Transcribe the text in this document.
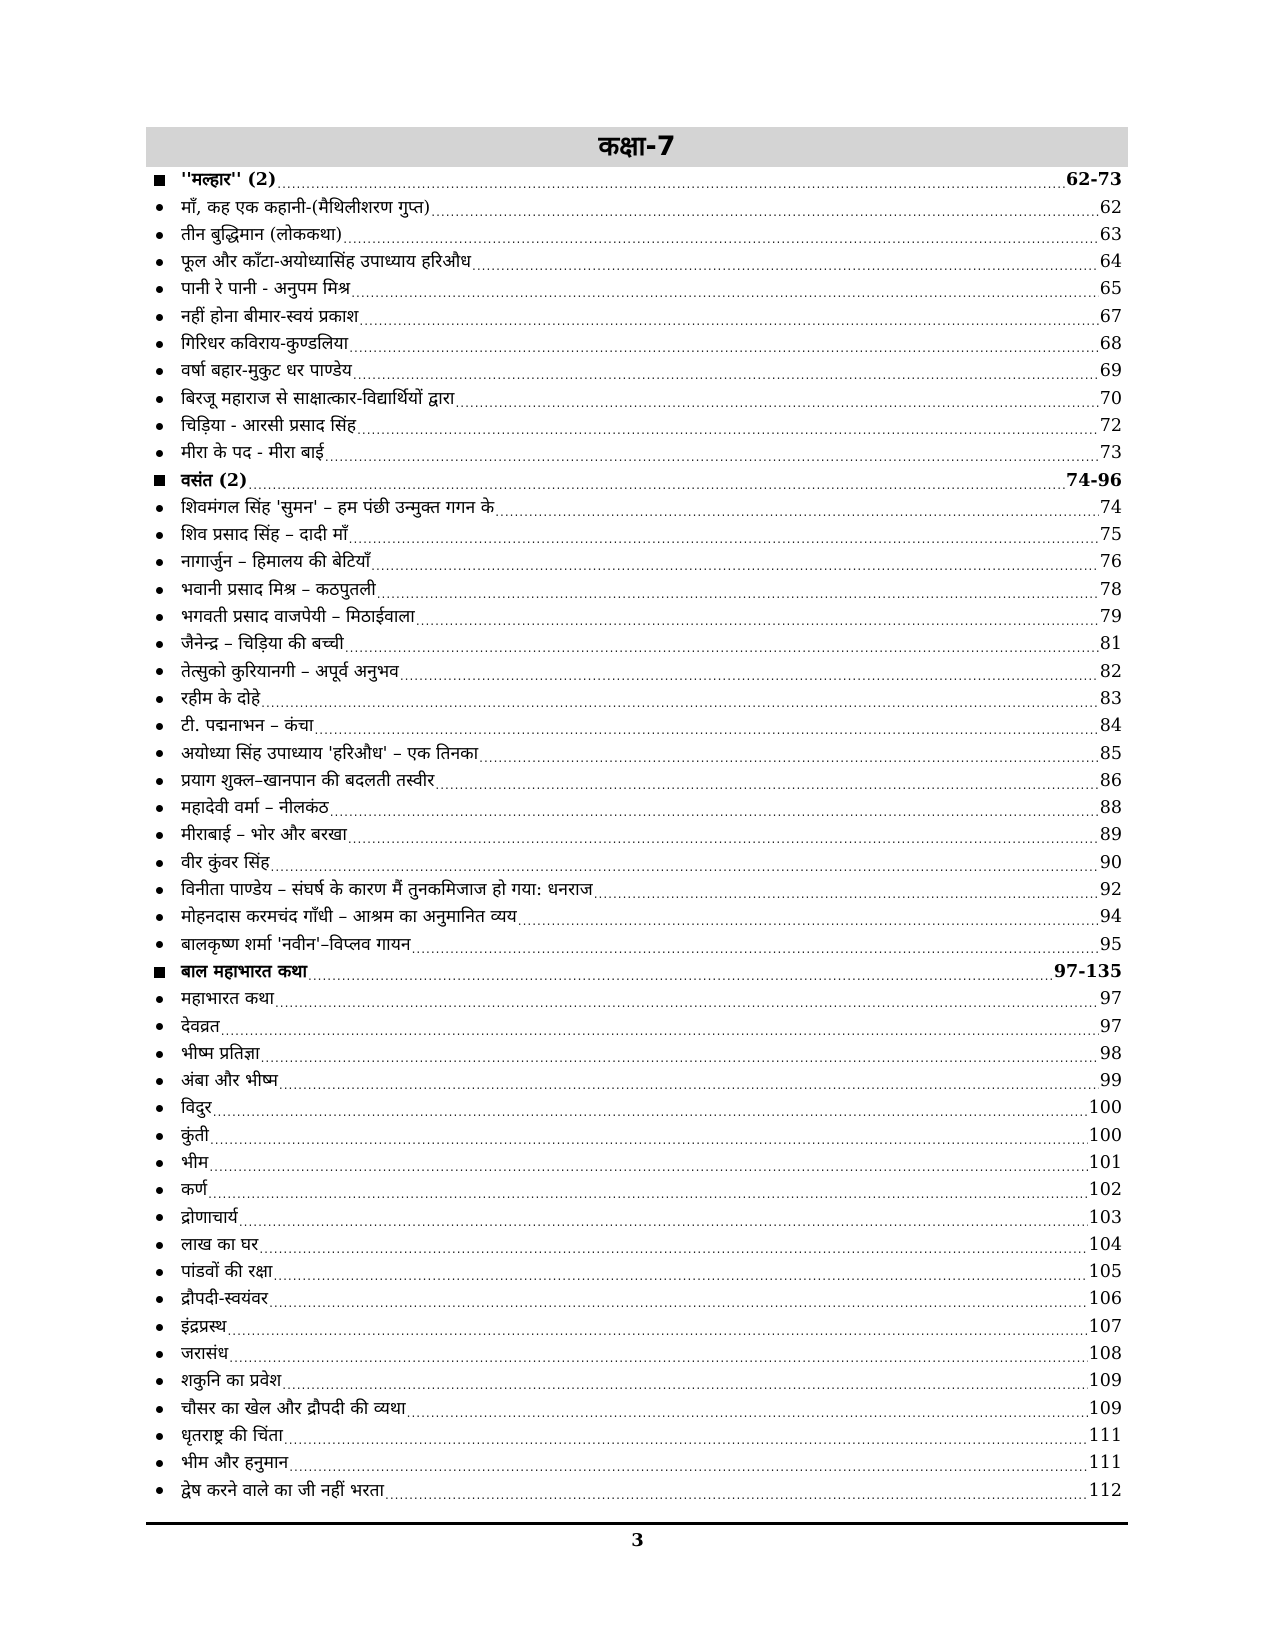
कक्षा-7
''मल्हार'' (2) .....	62-73
माँ, कह एक कहानी-(मैथिलीशरण गुप्त) .....	62
तीन बुद्धिमान (लोककथा) .....	63
फूल और काँटा-अयोध्यासिंह उपाध्याय हरिऔध .....	64
पानी रे पानी - अनुपम मिश्र .....	65
नहीं होना बीमार-स्वयं प्रकाश .....	67
गिरिधर कविराय-कुण्डलिया .....	68
वर्षा बहार-मुकुट धर पाण्डेय .....	69
बिरजू महाराज से साक्षात्कार-विद्यार्थियों द्वारा .....	70
चिड़िया - आरसी प्रसाद सिंह .....	72
मीरा के पद - मीरा बाई .....	73
वसंत (2) .....	74-96
शिवमंगल सिंह 'सुमन' – हम पंछी उन्मुक्त गगन के .....	74
शिव प्रसाद सिंह – दादी माँ .....	75
नागार्जुन – हिमालय की बेटियाँ .....	76
भवानी प्रसाद मिश्र – कठपुतली .....	78
भगवती प्रसाद वाजपेयी – मिठाईवाला .....	79
जैनेन्द्र – चिड़िया की बच्ची .....	81
तेत्सुको कुरियानगी – अपूर्व अनुभव .....	82
रहीम के दोहे .....	83
टी. पद्मनाभन – कंचा .....	84
अयोध्या सिंह उपाध्याय 'हरिऔध' – एक तिनका .....	85
प्रयाग शुक्ल–खानपान की बदलती तस्वीर .....	86
महादेवी वर्मा – नीलकंठ .....	88
मीराबाई – भोर और बरखा .....	89
वीर कुंवर सिंह .....	90
विनीता पाण्डेय – संघर्ष के कारण मैं तुनकमिजाज हो गया: धनराज .....	92
मोहनदास करमचंद गाँधी – आश्रम का अनुमानित व्यय .....	94
बालकृष्ण शर्मा 'नवीन'–विप्लव गायन .....	95
बाल महाभारत कथा .....	97-135
महाभारत कथा .....	97
देवव्रत .....	97
भीष्म प्रतिज्ञा .....	98
अंबा और भीष्म .....	99
विदुर .....	100
कुंती .....	100
भीम .....	101
कर्ण .....	102
द्रोणाचार्य .....	103
लाख का घर .....	104
पांडवों की रक्षा .....	105
द्रौपदी-स्वयंवर .....	106
इंद्रप्रस्थ .....	107
जरासंध .....	108
शकुनि का प्रवेश .....	109
चौसर का खेल और द्रौपदी की व्यथा .....	109
धृतराष्ट्र की चिंता .....	111
भीम और हनुमान .....	111
द्वेष करने वाले का जी नहीं भरता .....	112
3
